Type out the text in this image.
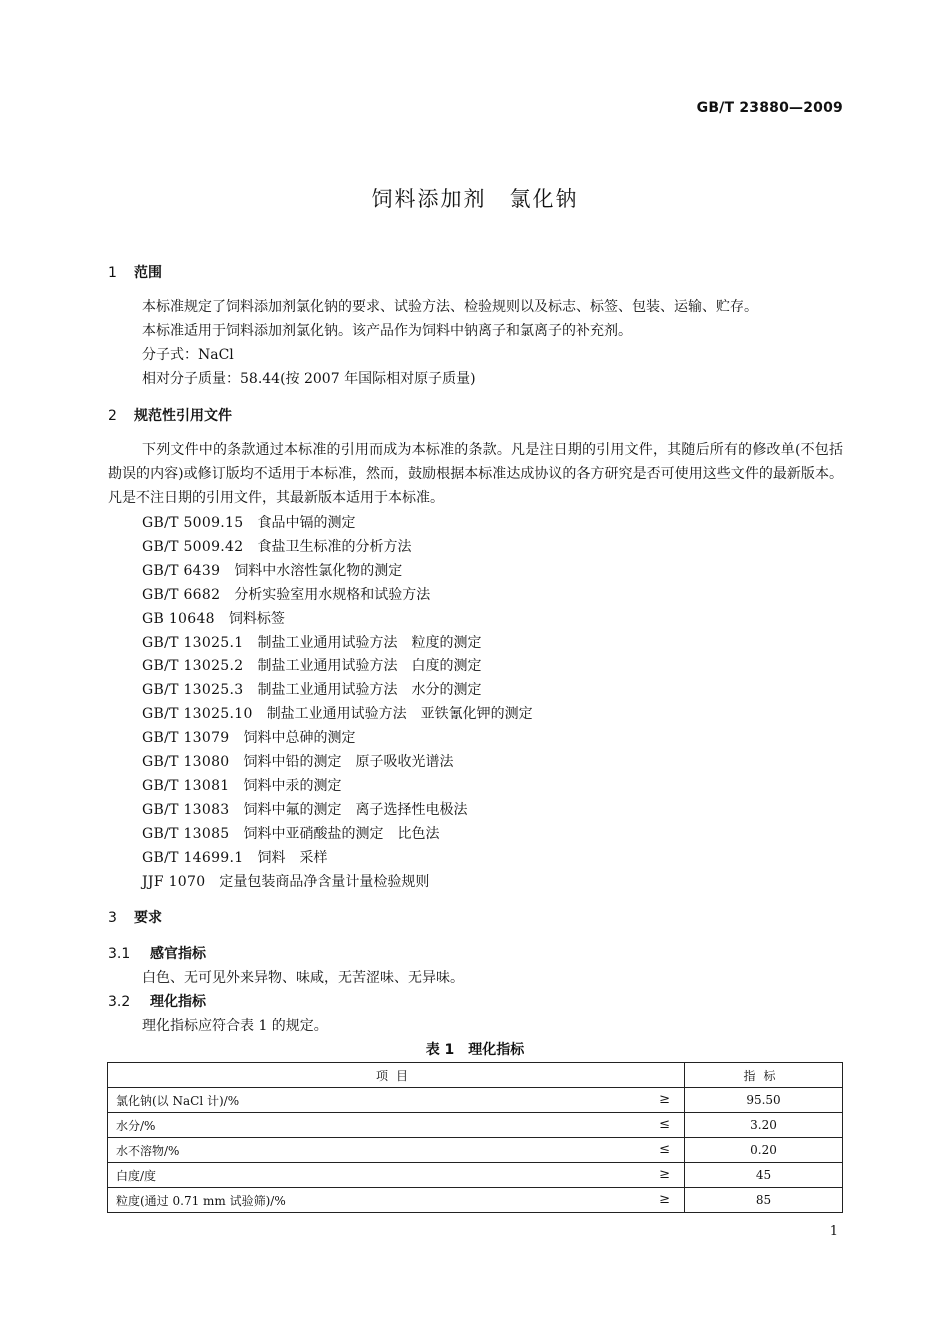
GB/T 23880—2009
饲料添加剂　氯化钠
1 范围
本标准规定了饲料添加剂氯化钠的要求、试验方法、检验规则以及标志、标签、包装、运输、贮存。
本标准适用于饲料添加剂氯化钠。该产品作为饲料中钠离子和氯离子的补充剂。
分子式：NaCl
相对分子质量：58.44(按 2007 年国际相对原子质量)
2 规范性引用文件
下列文件中的条款通过本标准的引用而成为本标准的条款。凡是注日期的引用文件，其随后所有的修改单(不包括勘误的内容)或修订版均不适用于本标准，然而，鼓励根据本标准达成协议的各方研究是否可使用这些文件的最新版本。凡是不注日期的引用文件，其最新版本适用于本标准。
GB/T 5009.15　 食品中镉的测定
GB/T 5009.42　 食盐卫生标准的分析方法
GB/T 6439　 饲料中水溶性氯化物的测定
GB/T 6682　 分析实验室用水规格和试验方法
GB 10648　 饲料标签
GB/T 13025.1　 制盐工业通用试验方法　粒度的测定
GB/T 13025.2　 制盐工业通用试验方法　白度的测定
GB/T 13025.3　 制盐工业通用试验方法　水分的测定
GB/T 13025.10　 制盐工业通用试验方法　亚铁氰化钾的测定
GB/T 13079　 饲料中总砷的测定
GB/T 13080　 饲料中铅的测定　原子吸收光谱法
GB/T 13081　 饲料中汞的测定
GB/T 13083　 饲料中氟的测定　离子选择性电极法
GB/T 13085　 饲料中亚硝酸盐的测定　比色法
GB/T 14699.1　 饲料　采样
JJF 1070　 定量包装商品净含量计量检验规则
3 要求
3.1 感官指标
白色、无可见外来异物、味咸，无苦涩味、无异味。
3.2 理化指标
理化指标应符合表 1 的规定。
表 1　理化指标
项目	指标

氯化钠(以 NaCl 计)/% ≥	95.50

水分/% ≤	3.20

水不溶物/% ≤	0.20

白度/度 ≥	45

粒度(通过 0.71 mm 试验筛)/% ≥	85
1
